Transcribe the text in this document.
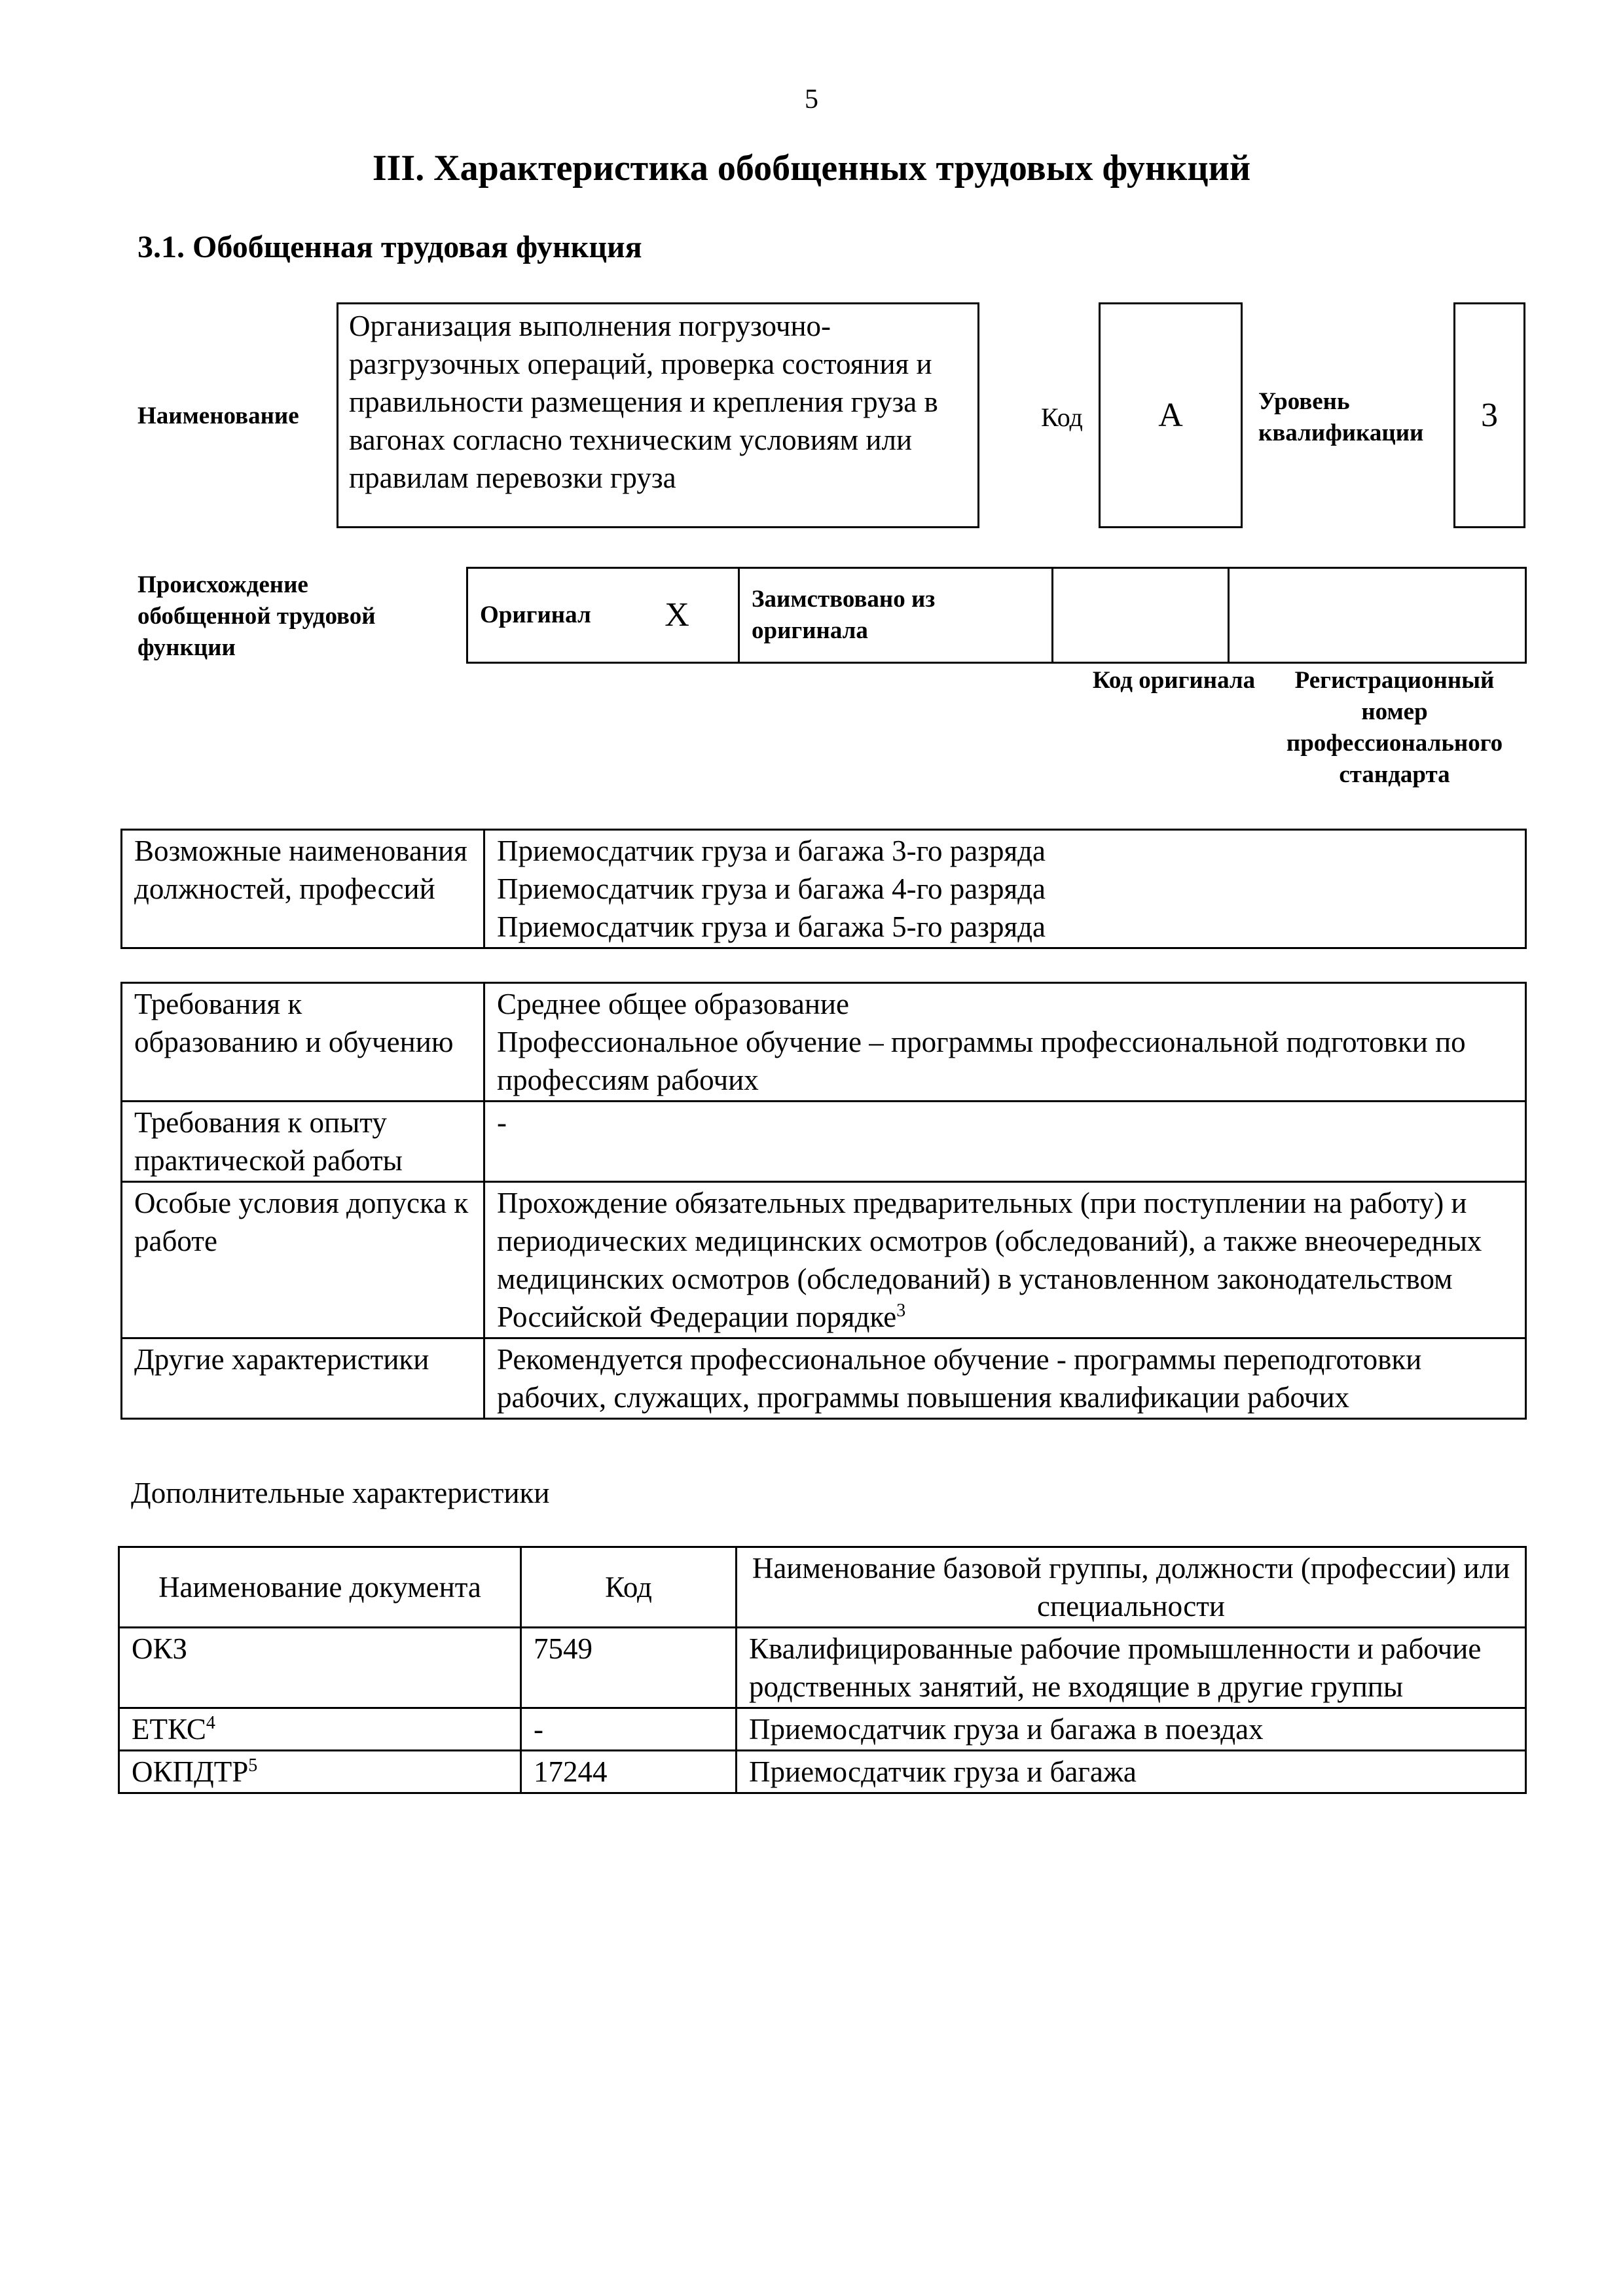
5
III. Характеристика обобщенных трудовых функций
3.1. Обобщенная трудовая функция
Наименование
Организация выполнения погрузочно-разгрузочных операций, проверка состояния и правильности размещения и крепления груза в вагонах согласно техническим условиям или правилам перевозки груза
Код	А	Уровень квалификации	3
Происхождение обобщенной трудовой функции
Оригинал	Х	Заимствовано из оригинала		
Код оригинала	Регистрационный номер профессионального стандарта
Возможные наименования должностей, профессий	
Приемосдатчик груза и багажа 3-го разряда
Приемосдатчик груза и багажа 4-го разряда
Приемосдатчик груза и багажа 5-го разряда
Требования к образованию и обучению	Среднее общее образование
Профессиональное обучение – программы профессиональной подготовки по профессиям рабочих

Требования к опыту практической работы	-
Особые условия допуска к работе	Прохождение обязательных предварительных (при поступлении на работу) и периодических медицинских осмотров (обследований), а также внеочередных медицинских осмотров (обследований) в установленном законодательством Российской Федерации порядке$^3$
Другие характеристики	Рекомендуется профессиональное обучение - программы переподготовки рабочих, служащих, программы повышения квалификации рабочих
Дополнительные характеристики
Наименование документа	Код	Наименование базовой группы, должности (профессии) или специальности
ОКЗ	7549	Квалифицированные рабочие промышленности и рабочие родственных занятий, не входящие в другие группы
ЕТКС$^4$	-	Приемосдатчик груза и багажа в поездах
ОКПДТР$^5$	17244	Приемосдатчик груза и багажа
